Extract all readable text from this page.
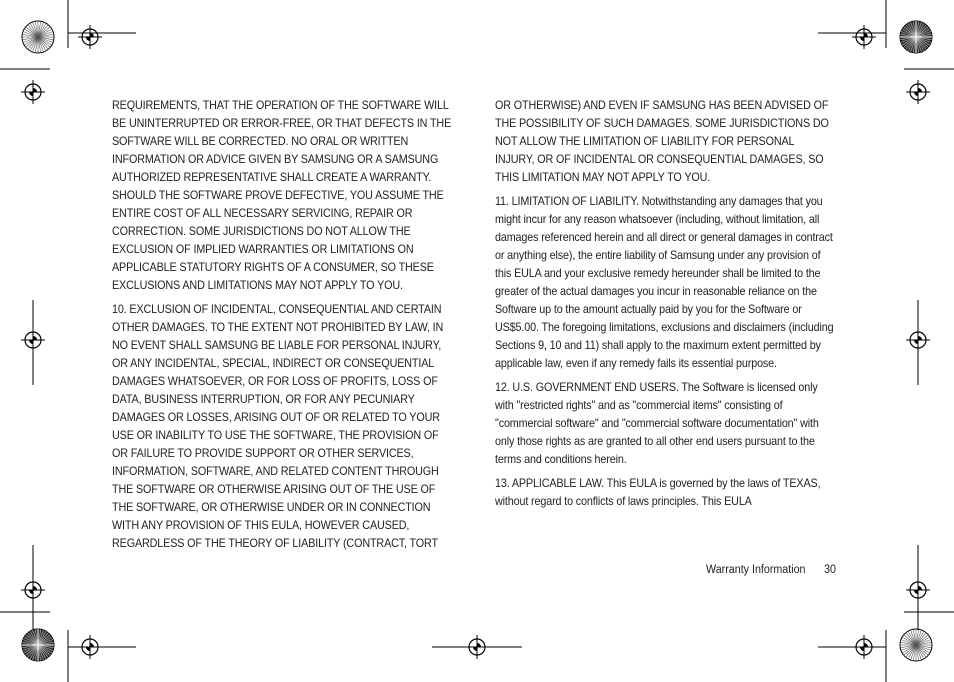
REQUIREMENTS, THAT THE OPERATION OF THE SOFTWARE WILL BE UNINTERRUPTED OR ERROR-FREE, OR THAT DEFECTS IN THE SOFTWARE WILL BE CORRECTED. NO ORAL OR WRITTEN INFORMATION OR ADVICE GIVEN BY SAMSUNG OR A SAMSUNG AUTHORIZED REPRESENTATIVE SHALL CREATE A WARRANTY. SHOULD THE SOFTWARE PROVE DEFECTIVE, YOU ASSUME THE ENTIRE COST OF ALL NECESSARY SERVICING, REPAIR OR CORRECTION. SOME JURISDICTIONS DO NOT ALLOW THE EXCLUSION OF IMPLIED WARRANTIES OR LIMITATIONS ON APPLICABLE STATUTORY RIGHTS OF A CONSUMER, SO THESE EXCLUSIONS AND LIMITATIONS MAY NOT APPLY TO YOU.

10. EXCLUSION OF INCIDENTAL, CONSEQUENTIAL AND CERTAIN OTHER DAMAGES. TO THE EXTENT NOT PROHIBITED BY LAW, IN NO EVENT SHALL SAMSUNG BE LIABLE FOR PERSONAL INJURY, OR ANY INCIDENTAL, SPECIAL, INDIRECT OR CONSEQUENTIAL DAMAGES WHATSOEVER, OR FOR LOSS OF PROFITS, LOSS OF DATA, BUSINESS INTERRUPTION, OR FOR ANY PECUNIARY DAMAGES OR LOSSES, ARISING OUT OF OR RELATED TO YOUR USE OR INABILITY TO USE THE SOFTWARE, THE PROVISION OF OR FAILURE TO PROVIDE SUPPORT OR OTHER SERVICES, INFORMATION, SOFTWARE, AND RELATED CONTENT THROUGH THE SOFTWARE OR OTHERWISE ARISING OUT OF THE USE OF THE SOFTWARE, OR OTHERWISE UNDER OR IN CONNECTION WITH ANY PROVISION OF THIS EULA, HOWEVER CAUSED, REGARDLESS OF THE THEORY OF LIABILITY (CONTRACT, TORT

OR OTHERWISE) AND EVEN IF SAMSUNG HAS BEEN ADVISED OF THE POSSIBILITY OF SUCH DAMAGES. SOME JURISDICTIONS DO NOT ALLOW THE LIMITATION OF LIABILITY FOR PERSONAL INJURY, OR OF INCIDENTAL OR CONSEQUENTIAL DAMAGES, SO THIS LIMITATION MAY NOT APPLY TO YOU.

11. LIMITATION OF LIABILITY. Notwithstanding any damages that you might incur for any reason whatsoever (including, without limitation, all damages referenced herein and all direct or general damages in contract or anything else), the entire liability of Samsung under any provision of this EULA and your exclusive remedy hereunder shall be limited to the greater of the actual damages you incur in reasonable reliance on the Software up to the amount actually paid by you for the Software or US$5.00. The foregoing limitations, exclusions and disclaimers (including Sections 9, 10 and 11) shall apply to the maximum extent permitted by applicable law, even if any remedy fails its essential purpose.

12. U.S. GOVERNMENT END USERS. The Software is licensed only with "restricted rights" and as "commercial items" consisting of "commercial software" and "commercial software documentation" with only those rights as are granted to all other end users pursuant to the terms and conditions herein.

13. APPLICABLE LAW. This EULA is governed by the laws of TEXAS, without regard to conflicts of laws principles. This EULA

Warranty Information 30
